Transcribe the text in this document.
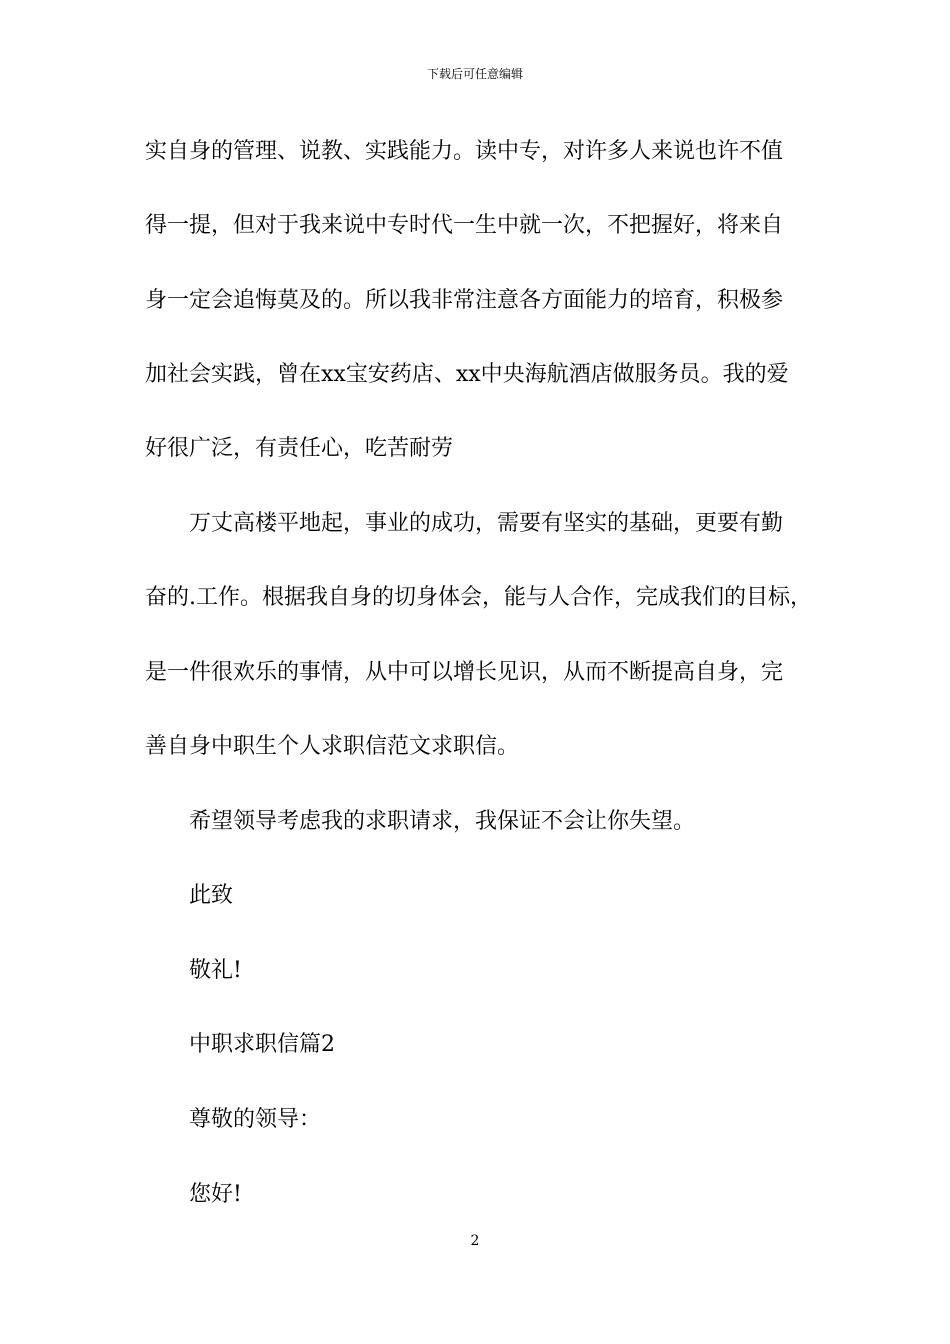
下载后可任意编辑
实自身的管理、说教、实践能力。读中专，对许多人来说也许不值
得一提，但对于我来说中专时代一生中就一次，不把握好，将来自
身一定会追悔莫及的。所以我非常注意各方面能力的培育，积极参
加社会实践，曾在xx宝安药店、xx中央海航酒店做服务员。我的爱
好很广泛，有责任心，吃苦耐劳
万丈高楼平地起，事业的成功，需要有坚实的基础，更要有勤
奋的.工作。根据我自身的切身体会，能与人合作，完成我们的目标，
是一件很欢乐的事情，从中可以增长见识，从而不断提高自身，完
善自身中职生个人求职信范文求职信。
希望领导考虑我的求职请求，我保证不会让你失望。
此致
敬礼!
中职求职信篇2
尊敬的领导：
您好!
2
